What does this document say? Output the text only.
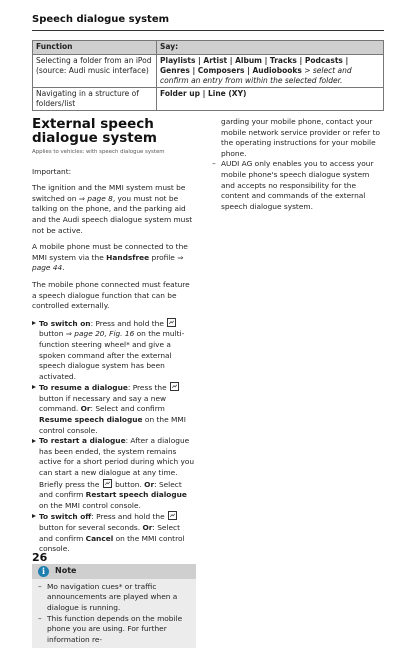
Speech dialogue system
Function	Say:
Selecting a folder from an iPod (source: Audi music interface)	Playlists | Artist | Album | Tracks | Podcasts | Genres | Composers | Audiobooks > select and confirm an entry from within the selected folder.
Navigating in a structure of folders/list	Folder up | Line (XY)
External speech dialogue system
Applies to vehicles: with speech dialogue system

Important:

The ignition and the MMI system must be switched on ⇒ page 8, you must not be talking on the phone, and the parking aid and the Audi speech dialogue system must not be active.

A mobile phone must be connected to the MMI system via the Handsfree profile ⇒ page 44.

The mobile phone connected must feature a speech dialogue function that can be controlled externally.

To switch on: Press and hold the
button ⇒ page 20, Fig. 16 on the multi-function steering wheel* and give a spoken command after the external speech dialogue system has been activated.
To resume a dialogue: Press the
button if necessary and say a new command. Or: Select and confirm Resume speech dialogue on the MMI control console.
To restart a dialogue: After a dialogue has been ended, the system remains active for a short period during which you can start a new dialogue at any time. Briefly press the
button. Or: Select and confirm Restart speech dialogue on the MMI control console.
To switch off: Press and hold the
button for several seconds. Or: Select and confirm Cancel on the MMI control console.
i	Note
– Mo navigation cues* or traffic announcements are played when a dialogue is running.
– This function depends on the mobile phone you are using. For further information re-
garding your mobile phone, contact your mobile network service provider or refer to the operating instructions for your mobile phone.
– AUDI AG only enables you to access your mobile phone's speech dialogue system and accepts no responsibility for the content and commands of the external speech dialogue system.
26
